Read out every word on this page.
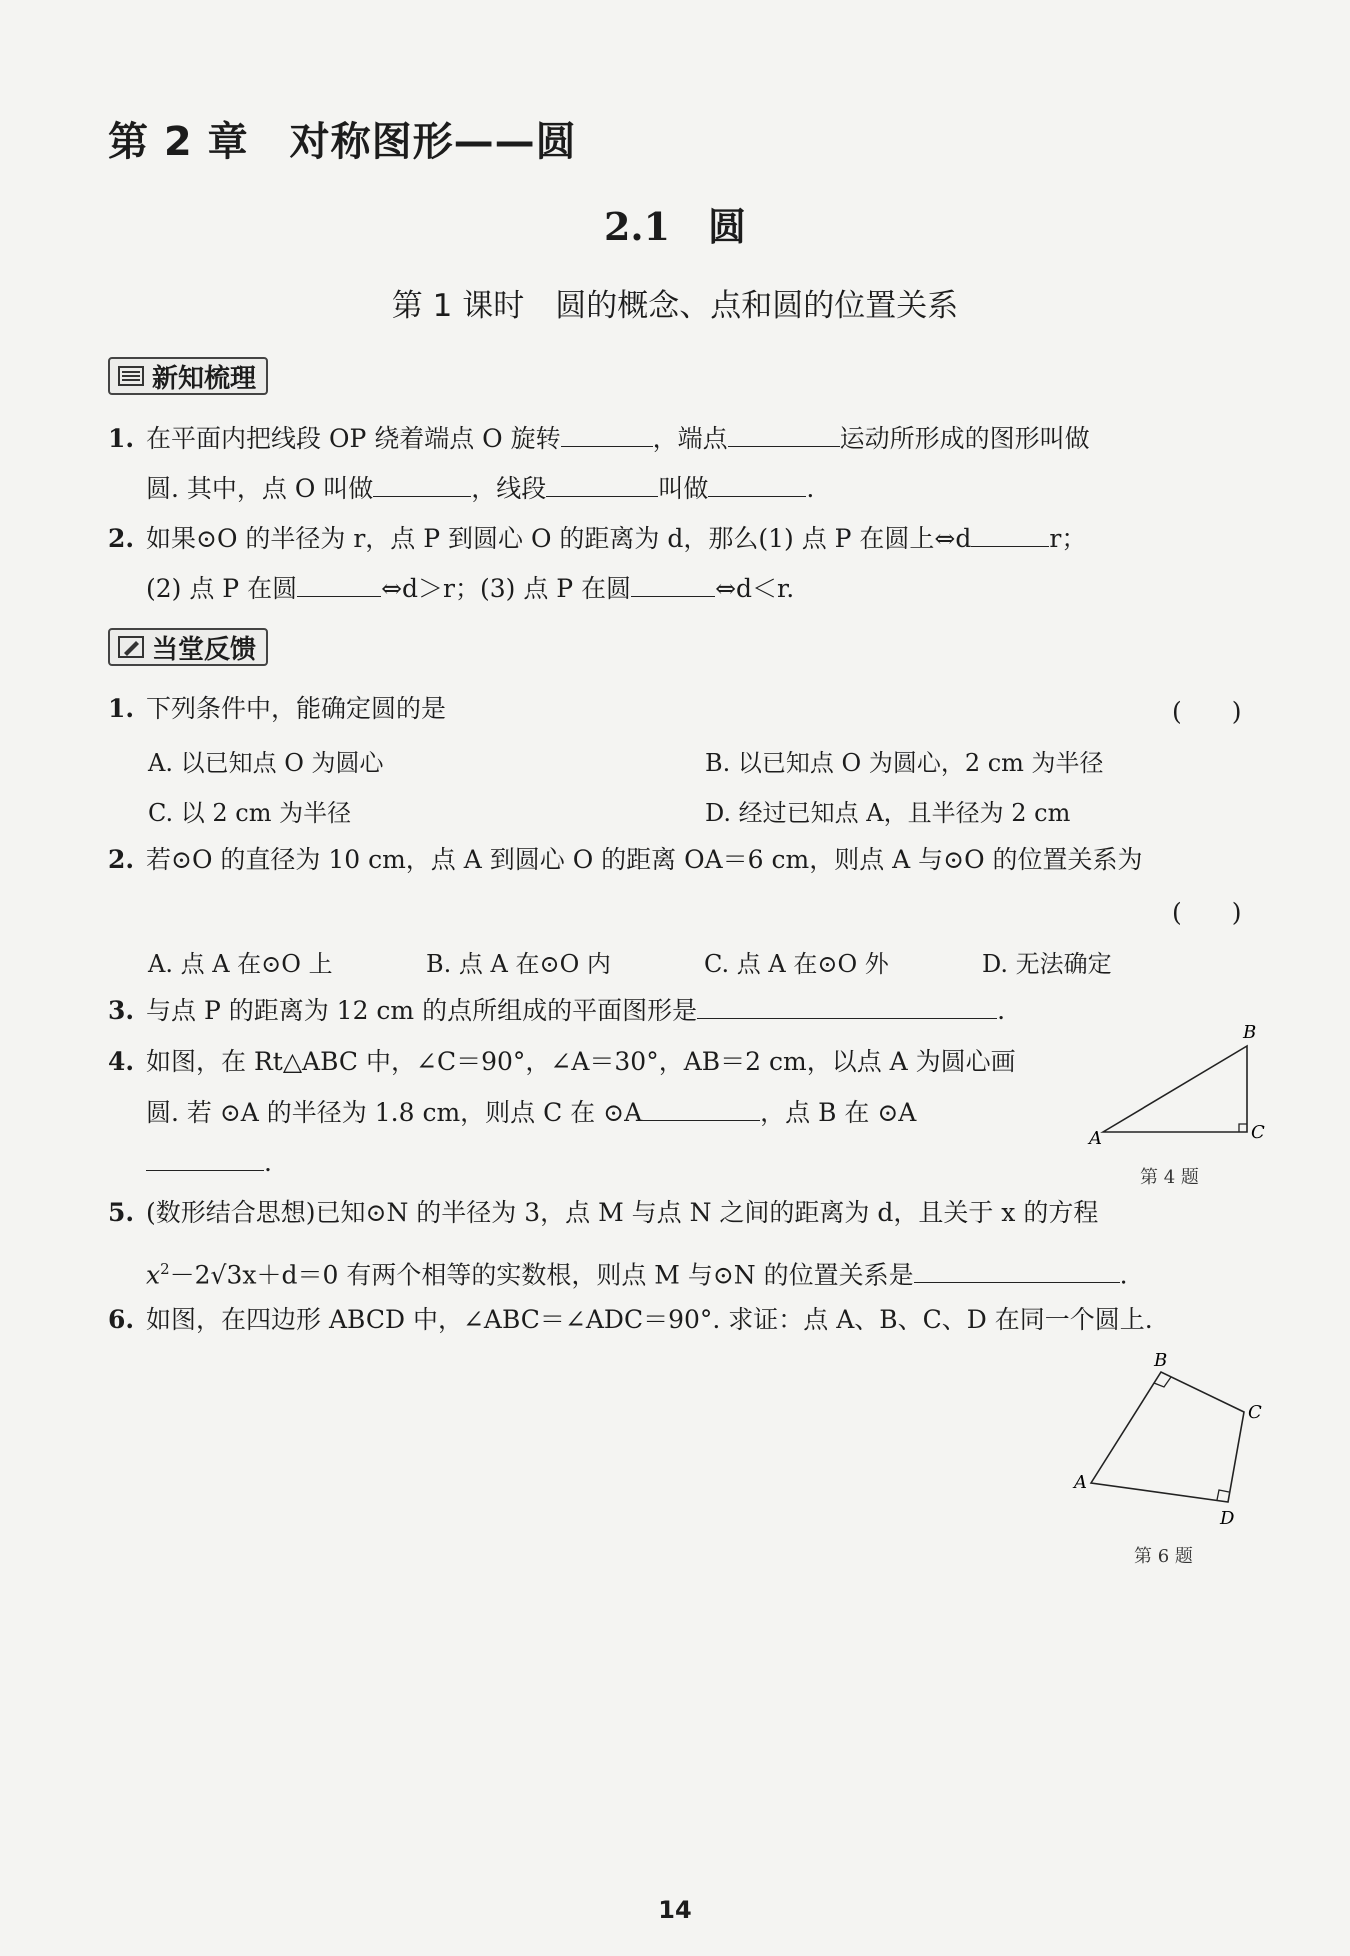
第 2 章　对称图形——圆
2.1　圆
第 1 课时　圆的概念、点和圆的位置关系
新知梳理
1. 在平面内把线段 OP 绕着端点 O 旋转	，端点	运动所形成的图形叫做
圆. 其中，点 O 叫做	，线段	叫做	.
2. 如果⊙O 的半径为 r，点 P 到圆心 O 的距离为 d，那么(1) 点 P 在圆上⇔d	r；
(2) 点 P 在圆	⇔d＞r；(3) 点 P 在圆	⇔d＜r.
当堂反馈
1. 下列条件中，能确定圆的是	(　　)
A. 以已知点 O 为圆心	B. 以已知点 O 为圆心，2 cm 为半径
C. 以 2 cm 为半径	D. 经过已知点 A，且半径为 2 cm
2. 若⊙O 的直径为 10 cm，点 A 到圆心 O 的距离 OA＝6 cm，则点 A 与⊙O 的位置关系为
(　　)
A. 点 A 在⊙O 上	B. 点 A 在⊙O 内	C. 点 A 在⊙O 外	D. 无法确定
3. 与点 P 的距离为 12 cm 的点所组成的平面图形是	.
4. 如图，在 Rt△ABC 中，∠C＝90°，∠A＝30°，AB＝2 cm，以点 A 为圆心画
圆. 若 ⊙A 的半径为 1.8 cm，则点 C 在 ⊙A	，点 B 在 ⊙A
.
A
B
C
第 4 题
5. (数形结合思想)已知⊙N 的半径为 3，点 M 与点 N 之间的距离为 d，且关于 x 的方程
$x^2-2√3x+d=0$ 有两个相等的实数根，则点 M 与⊙N 的位置关系是	.
6. 如图，在四边形 ABCD 中，∠ABC＝∠ADC＝90°. 求证：点 A、B、C、D 在同一个圆上.
A
B
C
D
第 6 题
14
